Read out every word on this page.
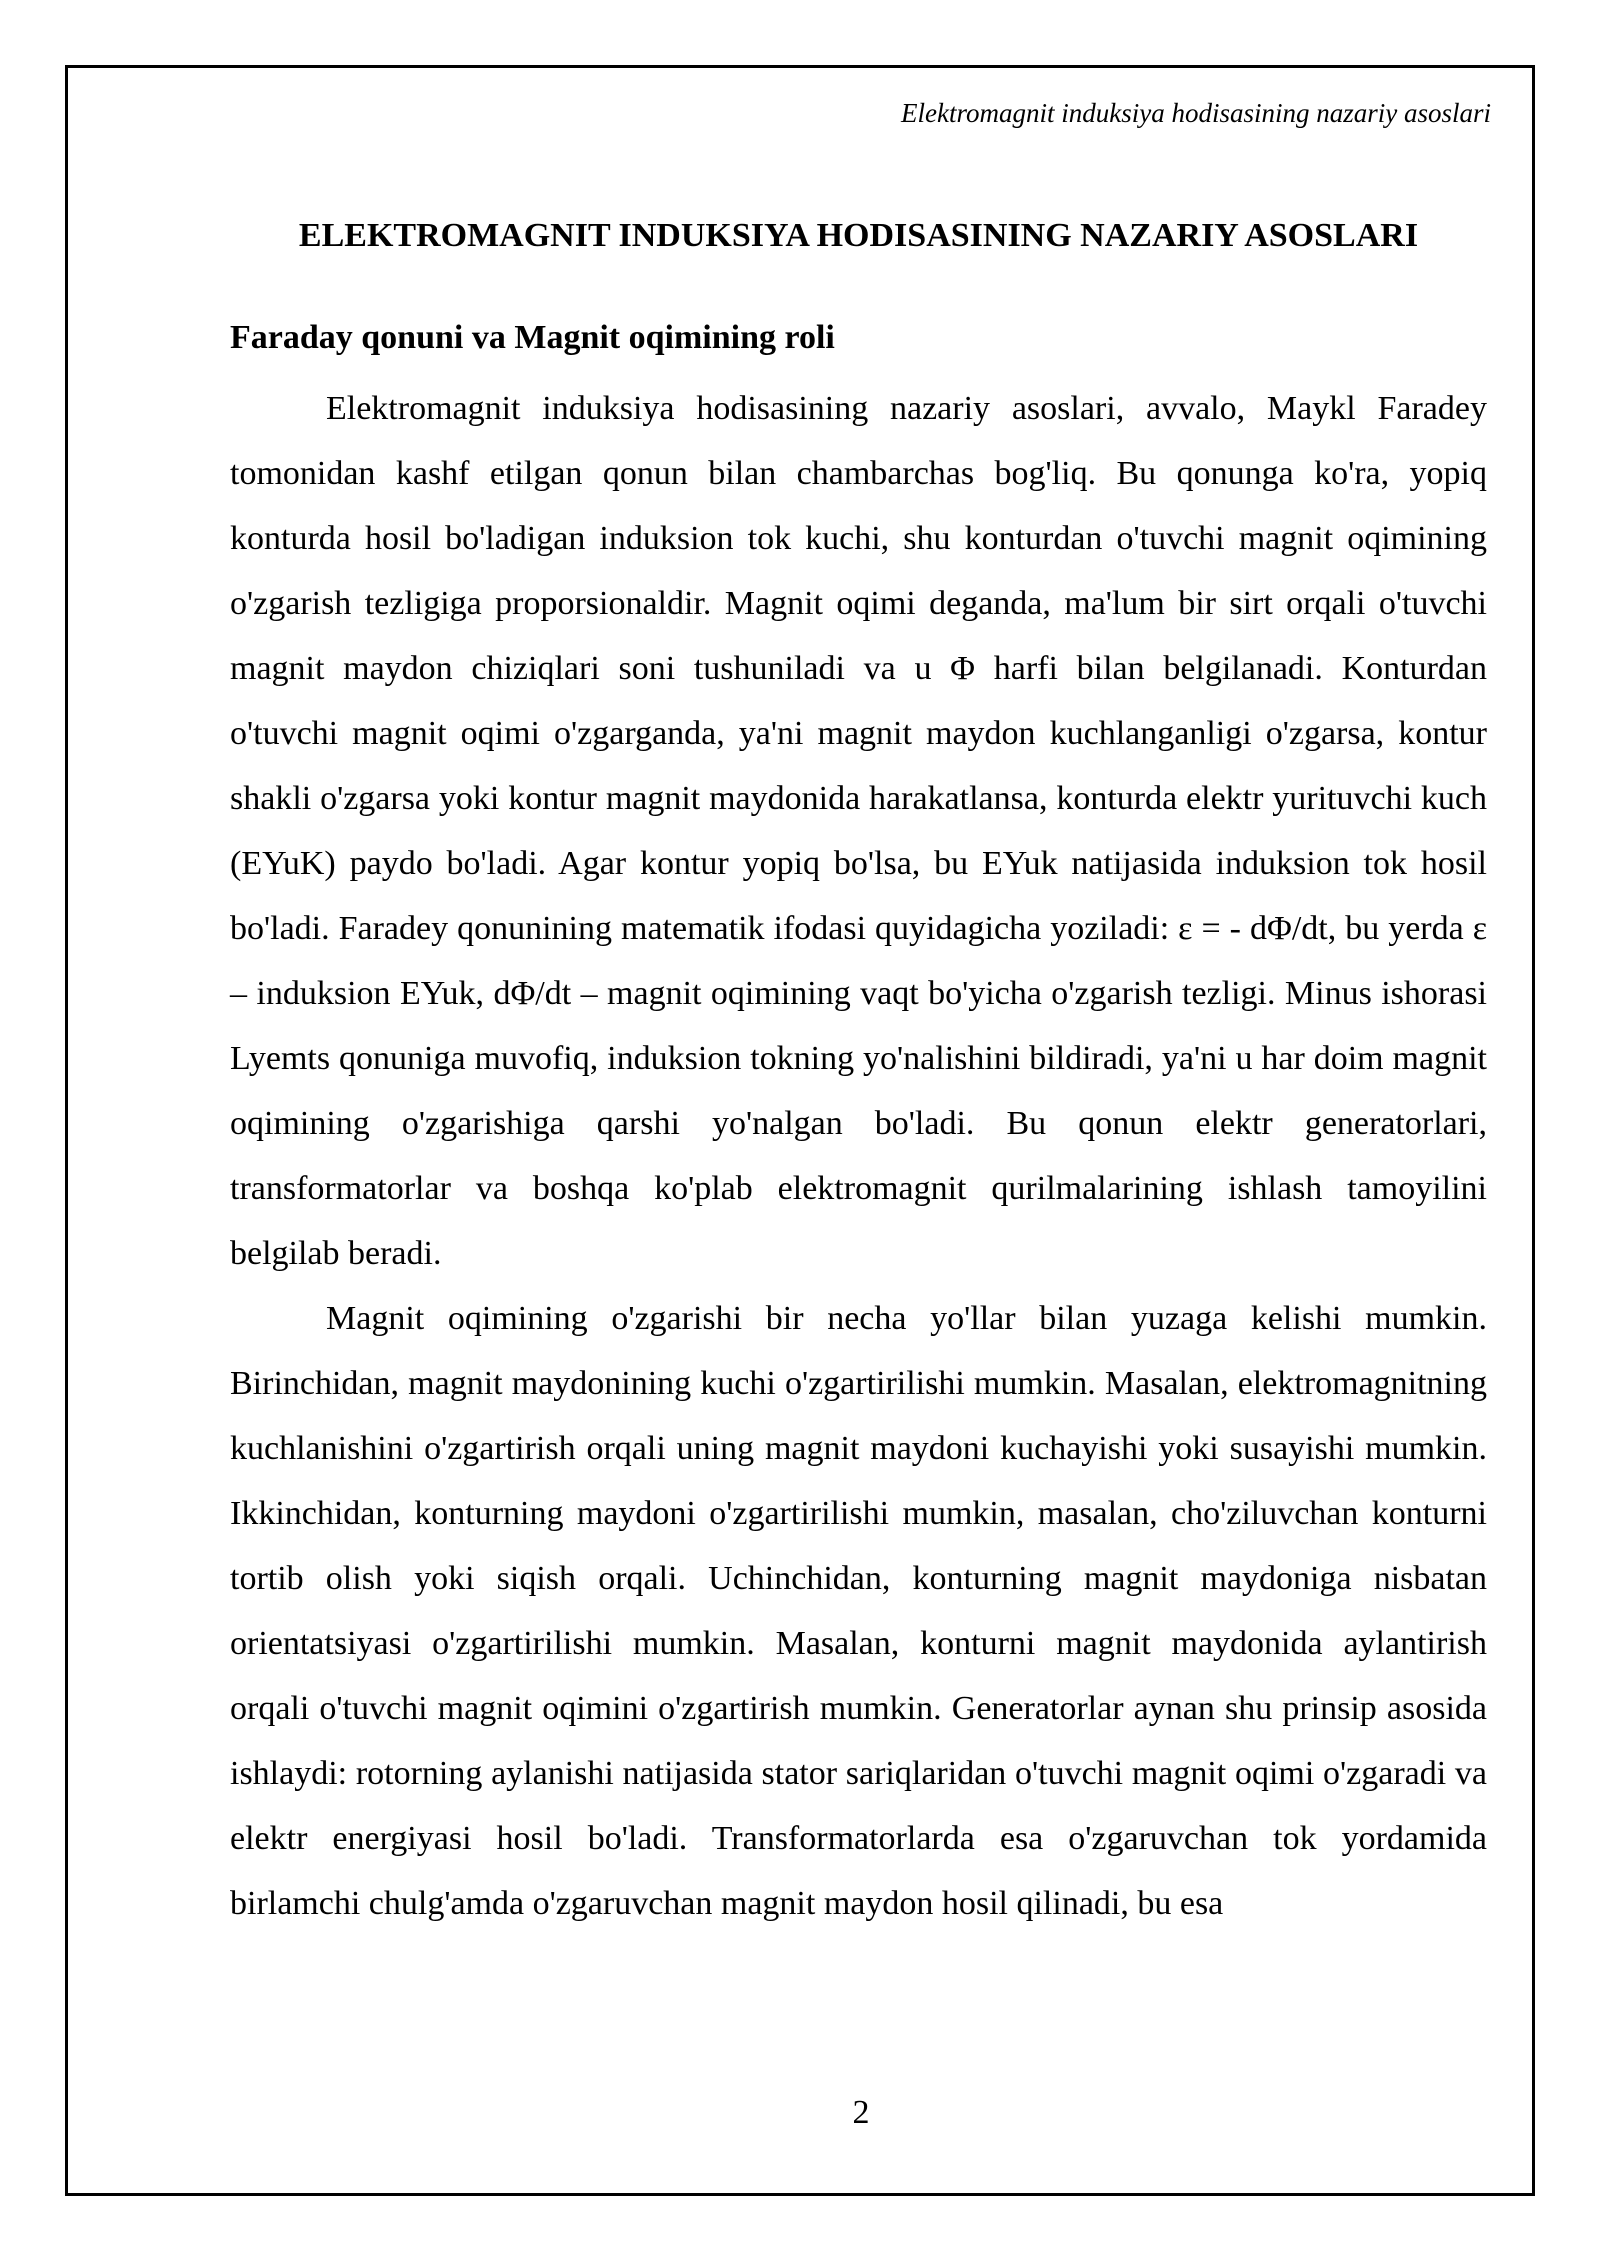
Elektromagnit induksiya hodisasining nazariy asoslari
ELEKTROMAGNIT INDUKSIYA HODISASINING NAZARIY ASOSLARI
Faraday qonuni va Magnit oqimining roli

Elektromagnit induksiya hodisasining nazariy asoslari, avvalo, Maykl Faradey tomonidan kashf etilgan qonun bilan chambarchas bog'liq. Bu qonunga ko'ra, yopiq konturda hosil bo'ladigan induksion tok kuchi, shu konturdan o'tuvchi magnit oqimining o'zgarish tezligiga proporsionaldir. Magnit oqimi deganda, ma'lum bir sirt orqali o'tuvchi magnit maydon chiziqlari soni tushuniladi va u Φ harfi bilan belgilanadi. Konturdan o'tuvchi magnit oqimi o'zgarganda, ya'ni magnit maydon kuchlanganligi o'zgarsa, kontur shakli o'zgarsa yoki kontur magnit maydonida harakatlansa, konturda elektr yurituvchi kuch (EYuK) paydo bo'ladi. Agar kontur yopiq bo'lsa, bu EYuk natijasida induksion tok hosil bo'ladi. Faradey qonunining matematik ifodasi quyidagicha yoziladi: ε = - dΦ/dt, bu yerda ε – induksion EYuk, dΦ/dt – magnit oqimining vaqt bo'yicha o'zgarish tezligi. Minus ishorasi Lyemts qonuniga muvofiq, induksion tokning yo'nalishini bildiradi, ya'ni u har doim magnit oqimining o'zgarishiga qarshi yo'nalgan bo'ladi. Bu qonun elektr generatorlari, transformatorlar va boshqa ko'plab elektromagnit qurilmalarining ishlash tamoyilini belgilab beradi.

Magnit oqimining o'zgarishi bir necha yo'llar bilan yuzaga kelishi mumkin. Birinchidan, magnit maydonining kuchi o'zgartirilishi mumkin. Masalan, elektromagnitning kuchlanishini o'zgartirish orqali uning magnit maydoni kuchayishi yoki susayishi mumkin. Ikkinchidan, konturning maydoni o'zgartirilishi mumkin, masalan, cho'ziluvchan konturni tortib olish yoki siqish orqali. Uchinchidan, konturning magnit maydoniga nisbatan orientatsiyasi o'zgartirilishi mumkin. Masalan, konturni magnit maydonida aylantirish orqali o'tuvchi magnit oqimini o'zgartirish mumkin. Generatorlar aynan shu prinsip asosida ishlaydi: rotorning aylanishi natijasida stator sariqlaridan o'tuvchi magnit oqimi o'zgaradi va elektr energiyasi hosil bo'ladi. Transformatorlarda esa o'zgaruvchan tok yordamida birlamchi chulg'amda o'zgaruvchan magnit maydon hosil qilinadi, bu esa

2
